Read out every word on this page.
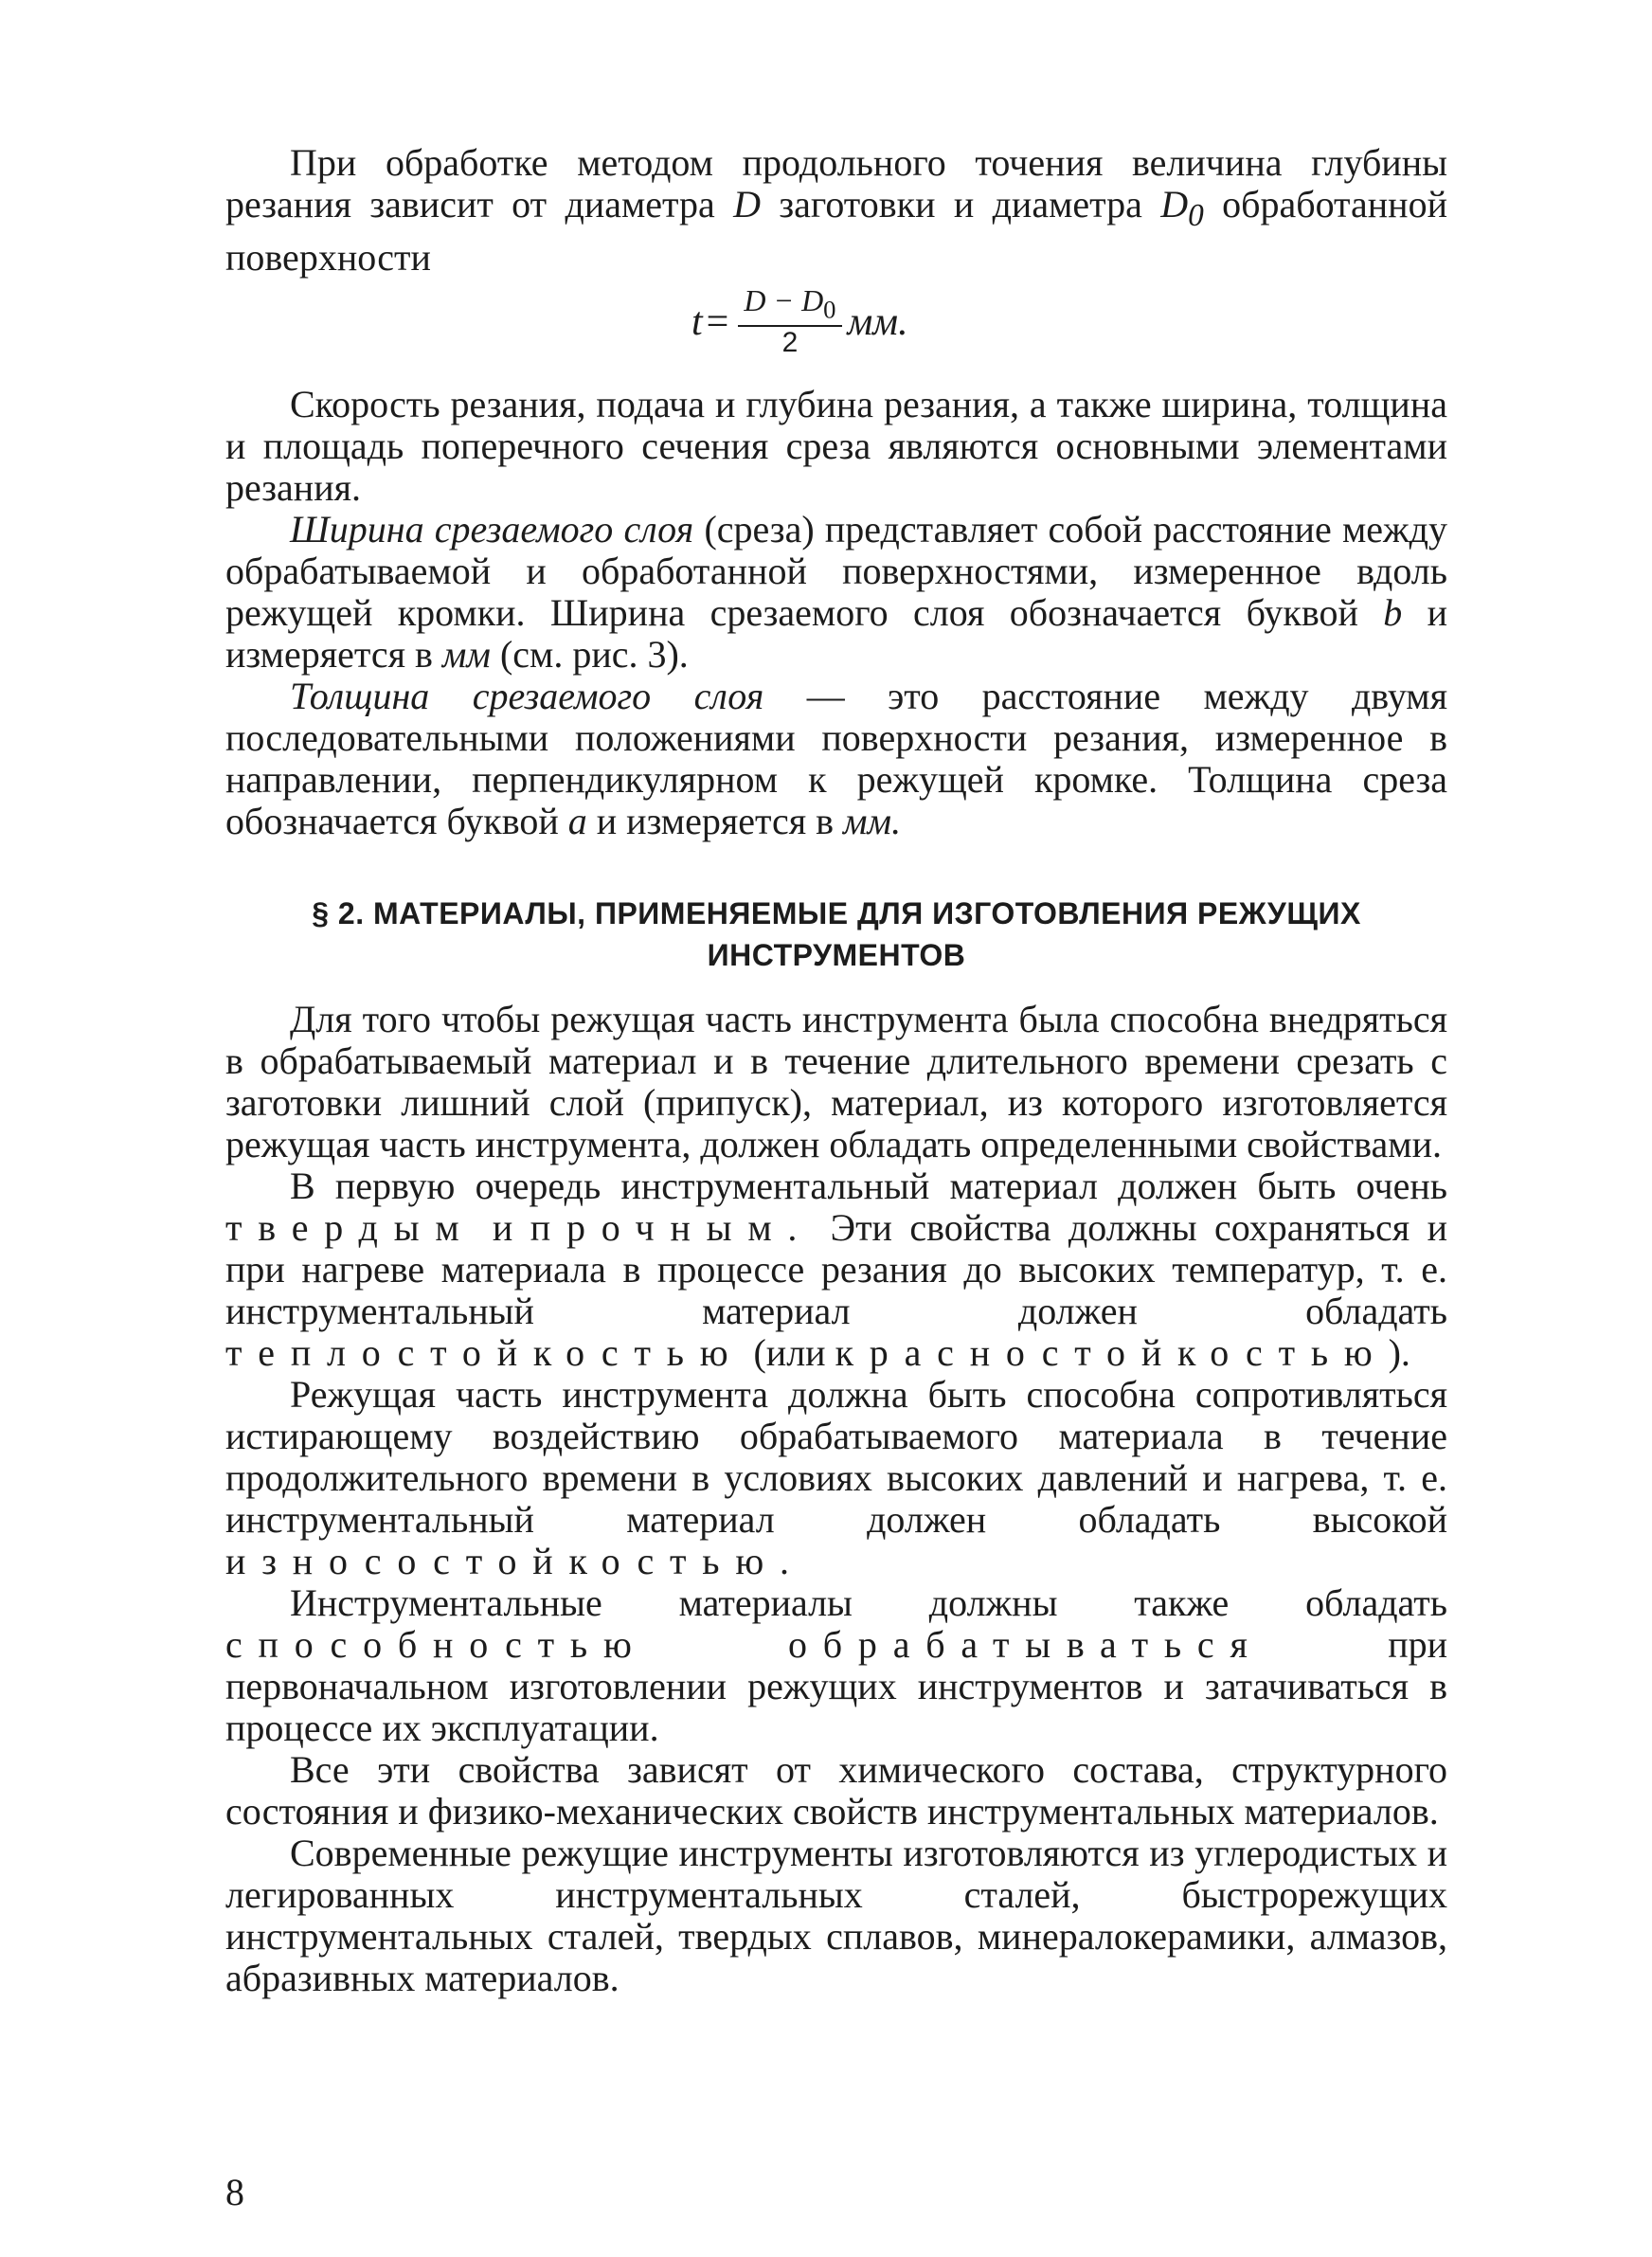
При обработке методом продольного точения величина глубины резания зависит от диаметра D заготовки и диаметра $D_0$ обработанной поверхности

$t= \frac{D - D_0}{2}$ мм.

Скорость резания, подача и глубина резания, а также ширина, толщина и площадь поперечного сечения среза являются основными элементами резания.

Ширина срезаемого слоя (среза) представляет собой расстояние между обрабатываемой и обработанной поверхностями, измеренное вдоль режущей кромки. Ширина срезаемого слоя обозначается буквой b и измеряется в мм (см. рис. 3).

Толщина срезаемого слоя — это расстояние между двумя последовательными положениями поверхности резания, измеренное в направлении, перпендикулярном к режущей кромке. Толщина среза обозначается буквой a и измеряется в мм.

§ 2. МАТЕРИАЛЫ, ПРИМЕНЯЕМЫЕ ДЛЯ ИЗГОТОВЛЕНИЯ РЕЖУЩИХ
ИНСТРУМЕНТОВ

Для того чтобы режущая часть инструмента была способна внедряться в обрабатываемый материал и в течение длительного времени срезать с заготовки лишний слой (припуск), материал, из которого изготовляется режущая часть инструмента, должен обладать определенными свойствами.

В первую очередь инструментальный материал должен быть очень твердым и прочным. Эти свойства должны сохраняться и при нагреве материала в процессе резания до высоких температур, т. е. инструментальный материал должен обладать теплостойкостью (или красностойкостью).

Режущая часть инструмента должна быть способна сопротивляться истирающему воздействию обрабатываемого материала в течение продолжительного времени в условиях высоких давлений и нагрева, т. е. инструментальный материал должен обладать высокой износостойкостью.

Инструментальные материалы должны также обладать способностью обрабатываться	при первоначальном изготовлении режущих инструментов и затачиваться в процессе их эксплуатации.

Все эти свойства зависят от химического состава, структурного состояния и физико-механических свойств инструментальных материалов.

Современные режущие инструменты изготовляются из углеродистых и легированных инструментальных сталей, быстрорежущих инструментальных сталей, твердых сплавов, минералокерамики, алмазов, абразивных материалов.

8
